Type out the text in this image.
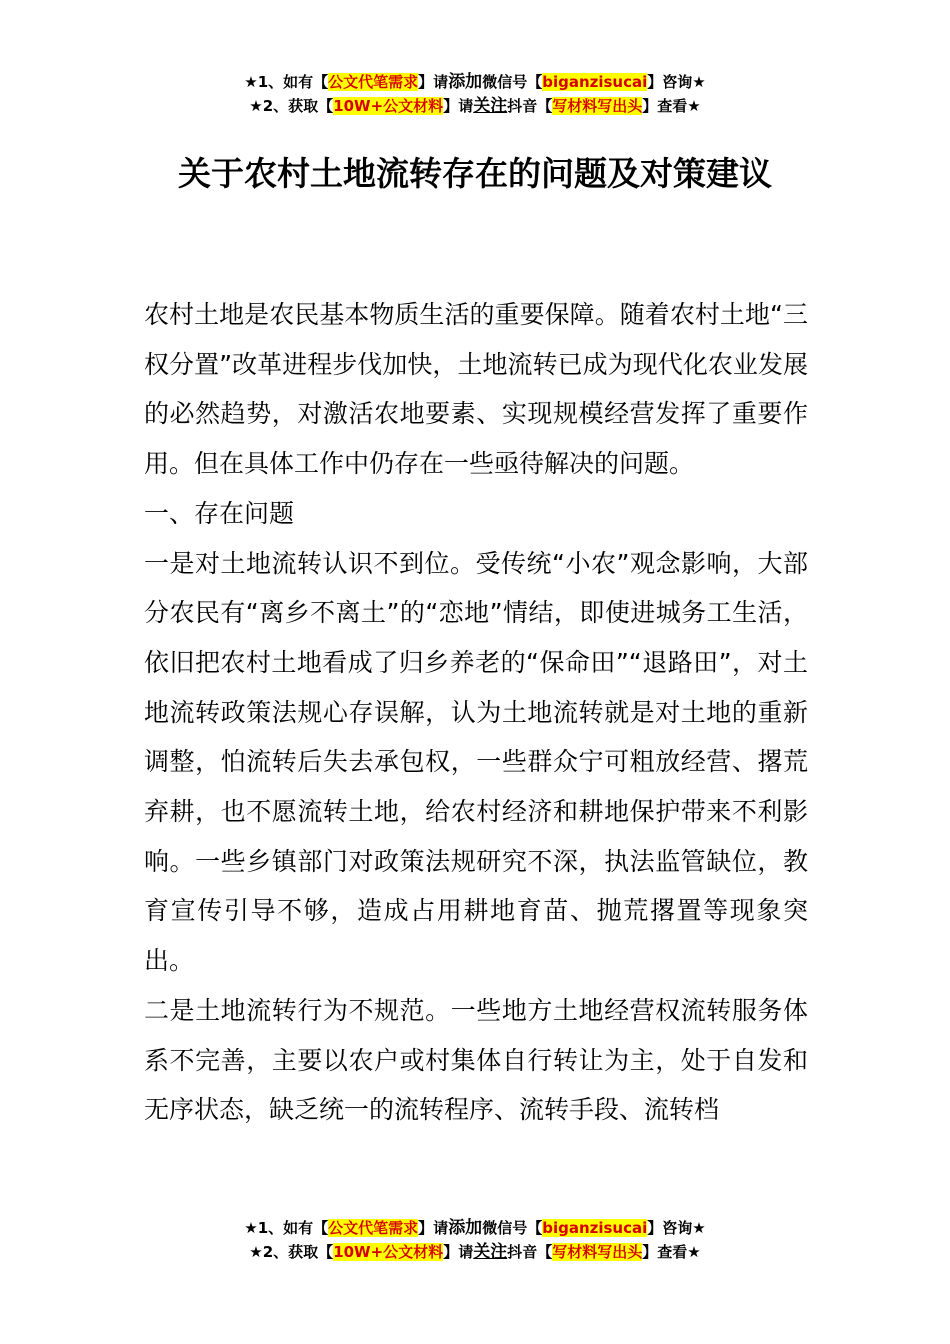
★1、如有【公文代笔需求】请添加微信号【biganzisucai】咨询★
★2、获取【10W+公文材料】请关注抖音【写材料写出头】查看★
关于农村土地流转存在的问题及对策建议

农村土地是农民基本物质生活的重要保障。随着农村土地“三权分置”改革进程步伐加快，土地流转已成为现代化农业发展的必然趋势，对激活农地要素、实现规模经营发挥了重要作用。但在具体工作中仍存在一些亟待解决的问题。

一、存在问题

一是对土地流转认识不到位。受传统“小农”观念影响，大部分农民有“离乡不离土”的“恋地”情结，即使进城务工生活，依旧把农村土地看成了归乡养老的“保命田”“退路田”，对土地流转政策法规心存误解，认为土地流转就是对土地的重新调整，怕流转后失去承包权，一些群众宁可粗放经营、撂荒弃耕，也不愿流转土地，给农村经济和耕地保护带来不利影响。一些乡镇部门对政策法规研究不深，执法监管缺位，教育宣传引导不够，造成占用耕地育苗、抛荒撂置等现象突出。

二是土地流转行为不规范。一些地方土地经营权流转服务体系不完善，主要以农户或村集体自行转让为主，处于自发和无序状态，缺乏统一的流转程序、流转手段、流转档

★1、如有【公文代笔需求】请添加微信号【biganzisucai】咨询★
★2、获取【10W+公文材料】请关注抖音【写材料写出头】查看★
